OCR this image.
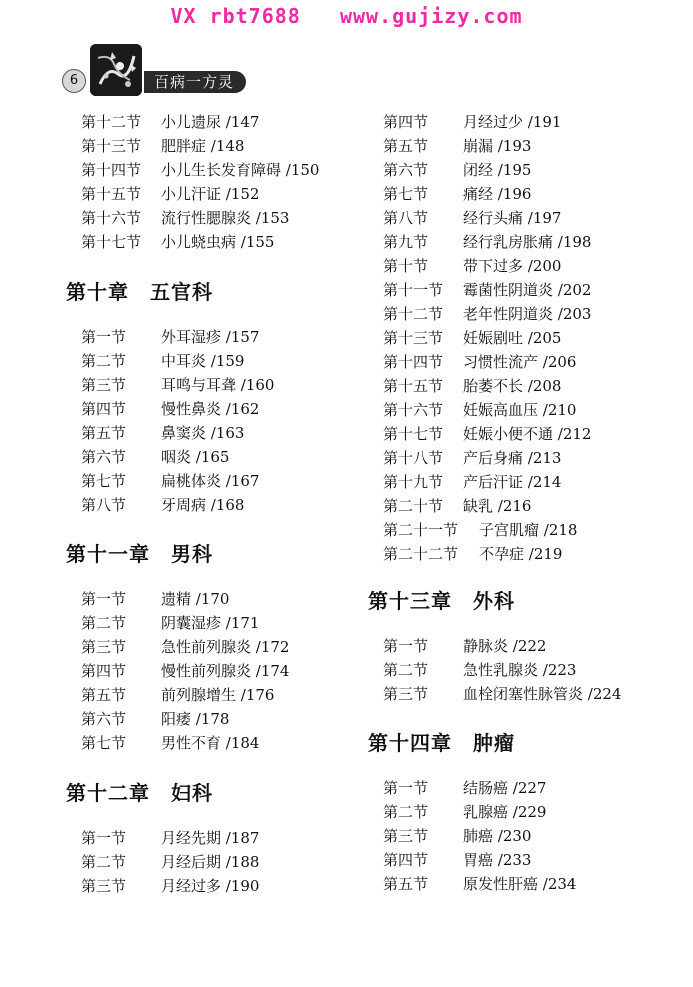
VX rbt7688   www.gujizy.com
6	百病一方灵
第十二节 小儿遗尿 /147
第十三节 肥胖症 /148
第十四节 小儿生长发育障碍 /150
第十五节 小儿汗证 /152
第十六节 流行性腮腺炎 /153
第十七节 小儿蛲虫病 /155
第十章　五官科
第一节 外耳湿疹 /157
第二节 中耳炎 /159
第三节 耳鸣与耳聋 /160
第四节 慢性鼻炎 /162
第五节 鼻窦炎 /163
第六节 咽炎 /165
第七节 扁桃体炎 /167
第八节 牙周病 /168
第十一章　男科
第一节 遗精 /170
第二节 阴囊湿疹 /171
第三节 急性前列腺炎 /172
第四节 慢性前列腺炎 /174
第五节 前列腺增生 /176
第六节 阳痿 /178
第七节 男性不育 /184
第十二章　妇科
第一节 月经先期 /187
第二节 月经后期 /188
第三节 月经过多 /190
第四节 月经过少 /191
第五节 崩漏 /193
第六节 闭经 /195
第七节 痛经 /196
第八节 经行头痛 /197
第九节 经行乳房胀痛 /198
第十节 带下过多 /200
第十一节 霉菌性阴道炎 /202
第十二节 老年性阴道炎 /203
第十三节 妊娠剧吐 /205
第十四节 习惯性流产 /206
第十五节 胎萎不长 /208
第十六节 妊娠高血压 /210
第十七节 妊娠小便不通 /212
第十八节 产后身痛 /213
第十九节 产后汗证 /214
第二十节 缺乳 /216
第二十一节 子宫肌瘤 /218
第二十二节 不孕症 /219
第十三章　外科
第一节 静脉炎 /222
第二节 急性乳腺炎 /223
第三节 血栓闭塞性脉管炎 /224
第十四章　肿瘤
第一节 结肠癌 /227
第二节 乳腺癌 /229
第三节 肺癌 /230
第四节 胃癌 /233
第五节 原发性肝癌 /234
